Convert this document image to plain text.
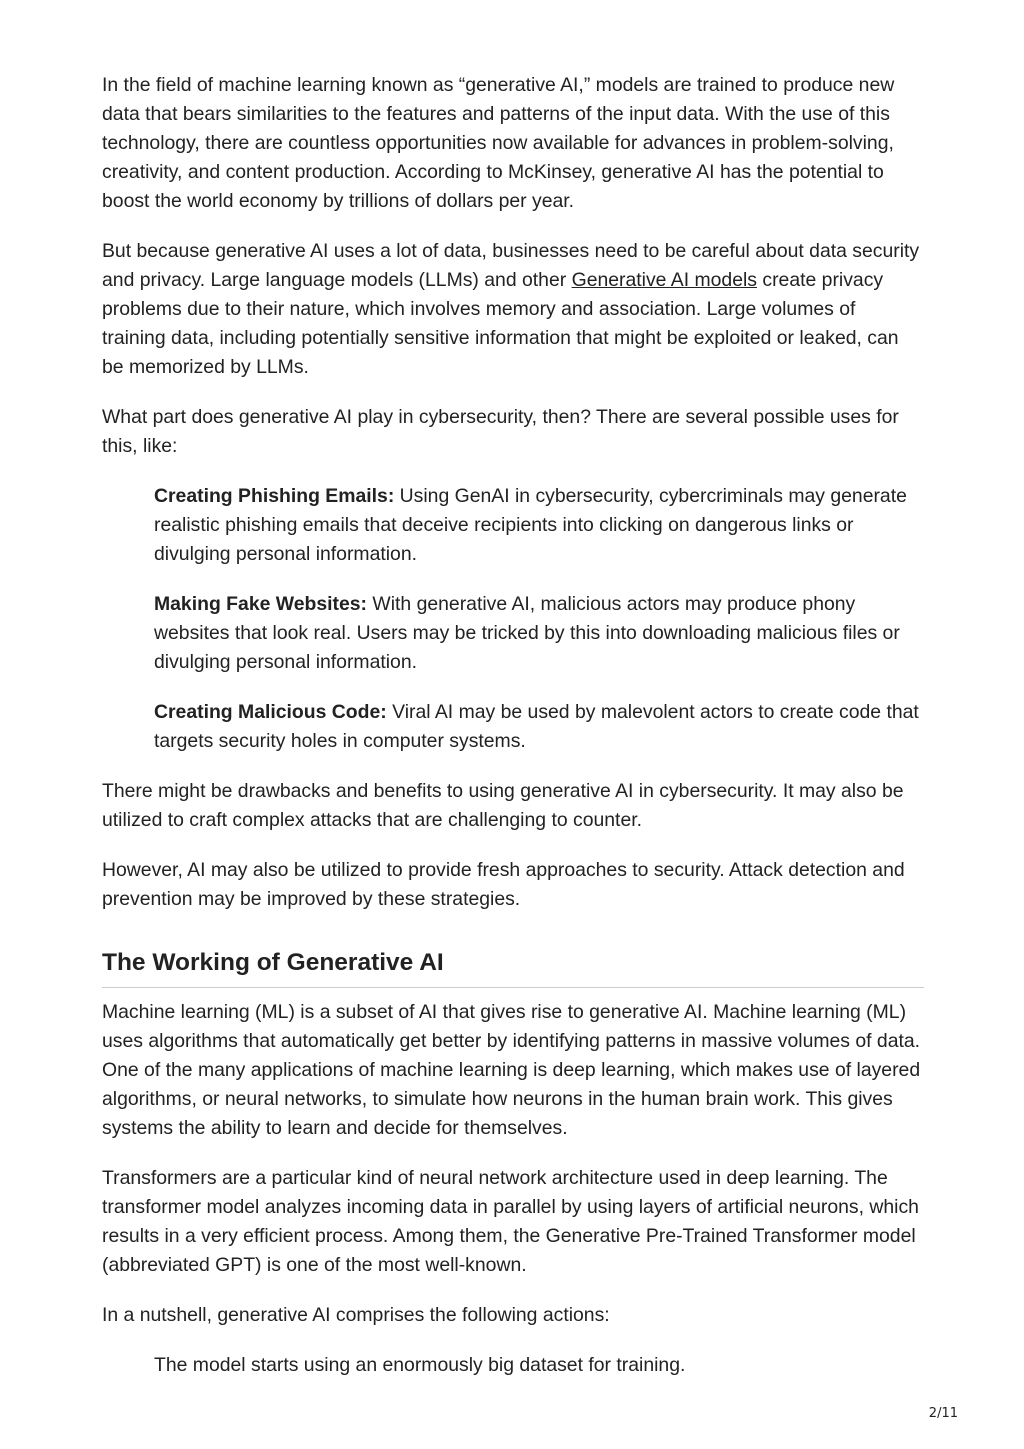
In the field of machine learning known as “generative AI,” models are trained to produce new data that bears similarities to the features and patterns of the input data. With the use of this technology, there are countless opportunities now available for advances in problem-solving, creativity, and content production. According to McKinsey, generative AI has the potential to boost the world economy by trillions of dollars per year.

But because generative AI uses a lot of data, businesses need to be careful about data security and privacy. Large language models (LLMs) and other Generative AI models create privacy problems due to their nature, which involves memory and association. Large volumes of training data, including potentially sensitive information that might be exploited or leaked, can be memorized by LLMs.

What part does generative AI play in cybersecurity, then? There are several possible uses for this, like:

Creating Phishing Emails: Using GenAI in cybersecurity, cybercriminals may generate realistic phishing emails that deceive recipients into clicking on dangerous links or divulging personal information.

Making Fake Websites: With generative AI, malicious actors may produce phony websites that look real. Users may be tricked by this into downloading malicious files or divulging personal information.

Creating Malicious Code: Viral AI may be used by malevolent actors to create code that targets security holes in computer systems.

There might be drawbacks and benefits to using generative AI in cybersecurity. It may also be utilized to craft complex attacks that are challenging to counter.

However, AI may also be utilized to provide fresh approaches to security. Attack detection and prevention may be improved by these strategies.

The Working of Generative AI

Machine learning (ML) is a subset of AI that gives rise to generative AI. Machine learning (ML) uses algorithms that automatically get better by identifying patterns in massive volumes of data. One of the many applications of machine learning is deep learning, which makes use of layered algorithms, or neural networks, to simulate how neurons in the human brain work. This gives systems the ability to learn and decide for themselves.

Transformers are a particular kind of neural network architecture used in deep learning. The transformer model analyzes incoming data in parallel by using layers of artificial neurons, which results in a very efficient process. Among them, the Generative Pre-Trained Transformer model (abbreviated GPT) is one of the most well-known.

In a nutshell, generative AI comprises the following actions:

The model starts using an enormously big dataset for training.

2/11
